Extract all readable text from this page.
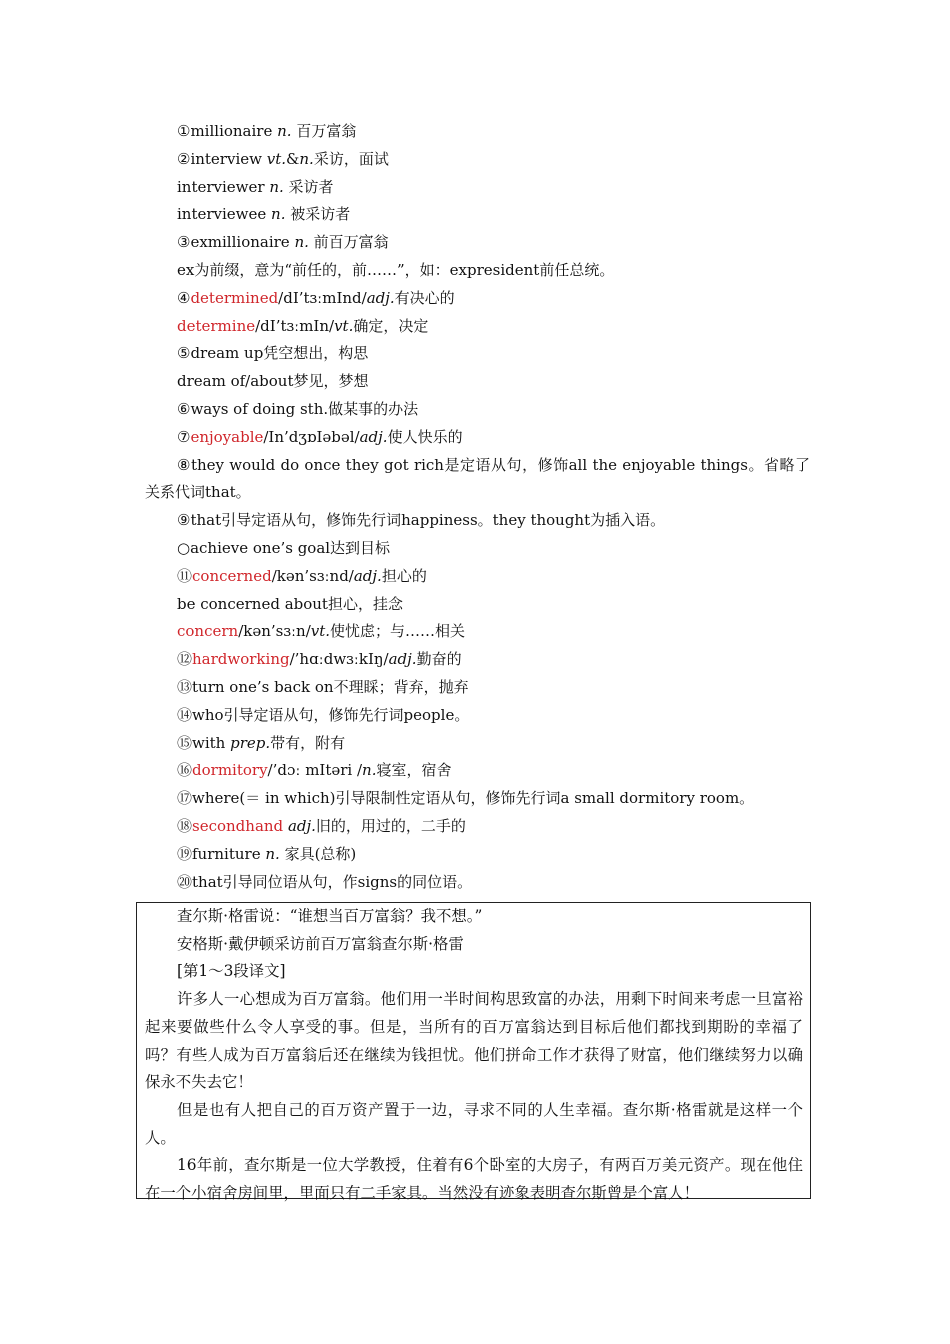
①millionaire n. 百万富翁
②interview vt.&n.采访，面试
interviewer n. 采访者
interviewee n. 被采访者
③exmillionaire n. 前百万富翁
ex为前缀，意为“前任的，前……”，如：expresident前任总统。
④determined/dI’tɜːmInd/adj.有决心的
determine/dI’tɜːmIn/vt.确定，决定
⑤dream up凭空想出，构思
dream of/about梦见，梦想
⑥ways of doing sth.做某事的办法
⑦enjoyable/In’dʒɒIəbəl/adj.使人快乐的
⑧they would do once they got rich是定语从句，修饰all the enjoyable things。省略了关系代词that。
⑨that引导定语从句，修饰先行词happiness。they thought为插入语。
○achieve one’s goal达到目标
⑪concerned/kən’sɜːnd/adj.担心的
be concerned about担心，挂念
concern/kən’sɜːn/vt.使忧虑；与……相关
⑫hardworking/’hɑːdwɜːkIŋ/adj.勤奋的
⑬turn one’s back on不理睬；背弃，抛弃
⑭who引导定语从句，修饰先行词people。
⑮with prep.带有，附有
⑯dormitory/’dɔː mItəri /n.寝室，宿舍
⑰where(＝ in which)引导限制性定语从句，修饰先行词a small dormitory room。
⑱secondhand adj.旧的，用过的，二手的
⑲furniture n. 家具(总称)
⑳that引导同位语从句，作signs的同位语。
查尔斯·格雷说：“谁想当百万富翁？我不想。”
安格斯·戴伊顿采访前百万富翁查尔斯·格雷
[第1～3段译文]
许多人一心想成为百万富翁。他们用一半时间构思致富的办法，用剩下时间来考虑一旦富裕起来要做些什么令人享受的事。但是，当所有的百万富翁达到目标后他们都找到期盼的幸福了吗？有些人成为百万富翁后还在继续为钱担忧。他们拼命工作才获得了财富，他们继续努力以确保永不失去它！
但是也有人把自己的百万资产置于一边，寻求不同的人生幸福。查尔斯·格雷就是这样一个人。
16年前，查尔斯是一位大学教授，住着有6个卧室的大房子，有两百万美元资产。现在他住在一个小宿舍房间里，里面只有二手家具。当然没有迹象表明查尔斯曾是个富人！
